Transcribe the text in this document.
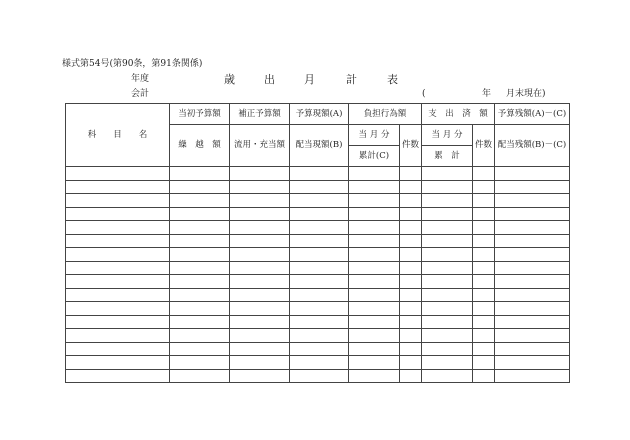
様式第54号(第90条，第91条関係)
年度
会計
歳	出	月	計	表
(	年 月末現在)
科　　目　　名	当初予算額	補正予算額	予算現額(A)	負担行為額		支　出　済　額		予算残額(A)－(C)
	繰　越　額	流用・充当額	配当現額(B)	当 月 分	件数	当 月 分	件数	配当残額(B)－(C)
				累計(C)		累　計		
